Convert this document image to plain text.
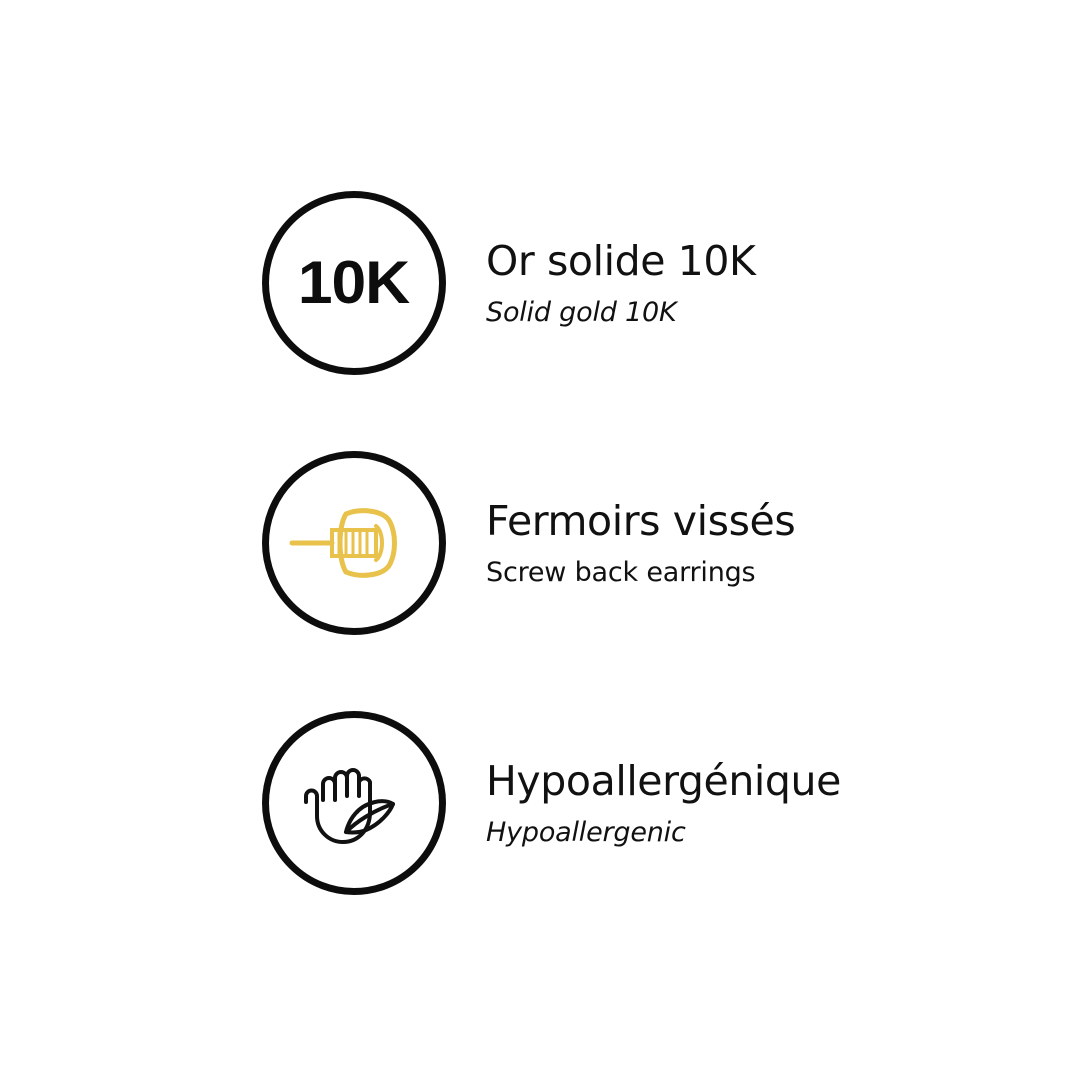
10K Or solide 10K
Solid gold 10K
Fermoirs vissés
Screw back earrings
Hypoallergénique
Hypoallergenic
